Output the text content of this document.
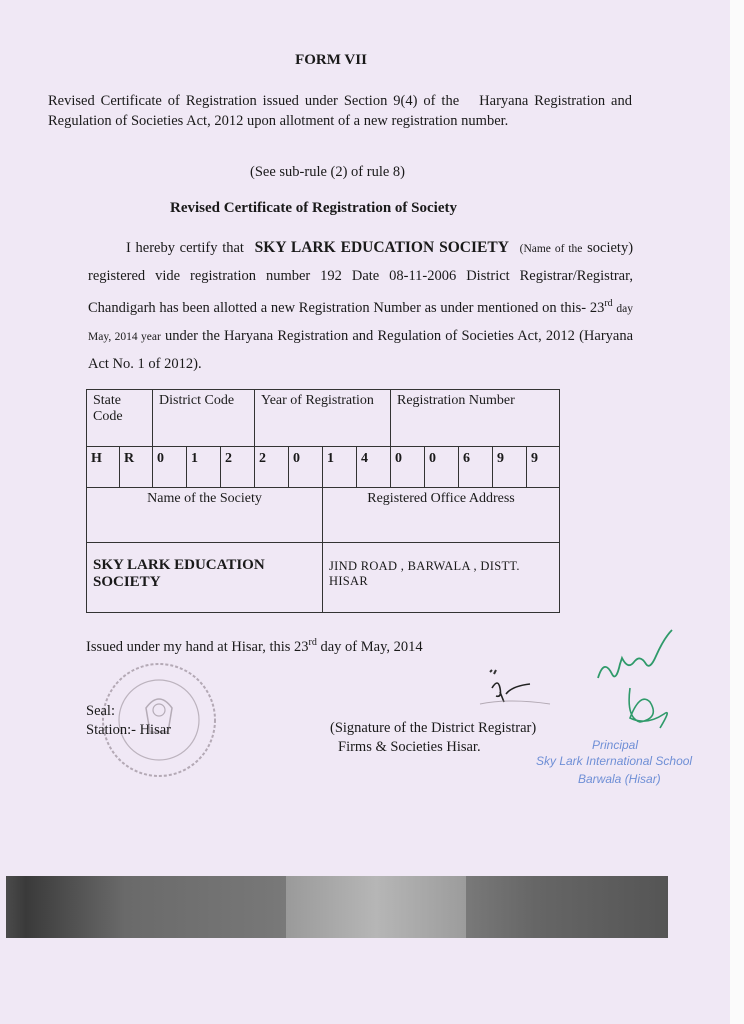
FORM VII
Revised Certificate of Registration issued under Section 9(4) of the Haryana Registration and Regulation of Societies Act, 2012 upon allotment of a new registration number.
(See sub-rule (2) of rule 8)
Revised Certificate of Registration of Society
I hereby certify that SKY LARK EDUCATION SOCIETY (Name of the society) registered vide registration number 192 Date 08-11-2006 District Registrar/Registrar, Chandigarh has been allotted a new Registration Number as under mentioned on this- 23rd day May, 2014 year under the Haryana Registration and Regulation of Societies Act, 2012 (Haryana Act No. 1 of 2012).
State Code		District Code			Year of Registration				Registration Number				
H	R	0	1	2	2	0	1	4	0	0	6	9	9
Name of the Society							Registered Office Address						
SKY LARK EDUCATION SOCIETY							JIND ROAD , BARWALA , DISTT. HISAR						
Issued under my hand at Hisar, this 23rd day of May, 2014
Seal:
Station:- Hisar	(Signature of the District Registrar)
Firms & Societies Hisar.	Principal
Sky Lark International School
Barwala (Hisar)
